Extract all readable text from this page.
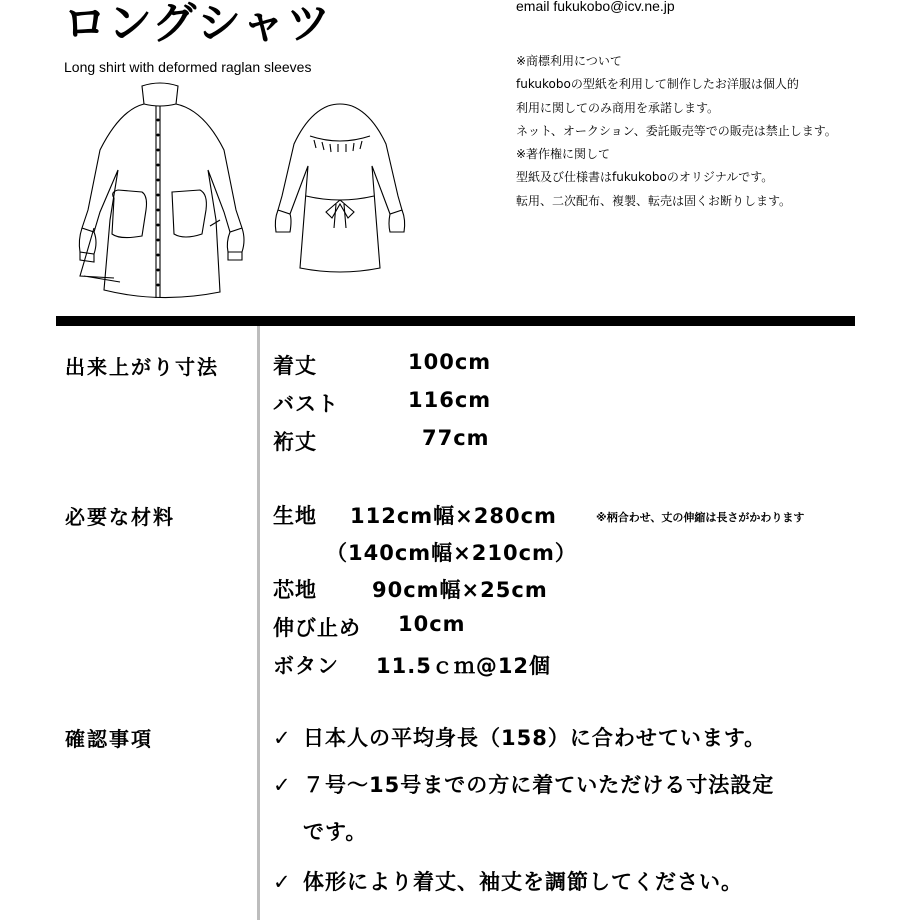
ロングシャツ
Long shirt with deformed raglan sleeves
email fukukobo@icv.ne.jp
※商標利用について
fukukoboの型紙を利用して制作したお洋服は個人的
利用に関してのみ商用を承諾します。
ネット、オークション、委託販売等での販売は禁止します。
※著作権に関して
型紙及び仕様書はfukukoboのオリジナルです。
転用、二次配布、複製、転売は固くお断りします。
出来上がり寸法	着丈	100cm
バスト	116cm
裄丈	77cm
必要な材料	生地 112cm幅×280cm	※柄合わせ、丈の伸縮は長さがかわります
（140cm幅×210cm）
芯地	90cm幅×25cm
伸び止め 10cm
ボタン 11.5ｃｍ@12個
確認事項	✓ 日本人の平均身長（158）に合わせています。
✓ ７号～15号までの方に着ていただける寸法設定
です。
✓ 体形により着丈、袖丈を調節してください。
